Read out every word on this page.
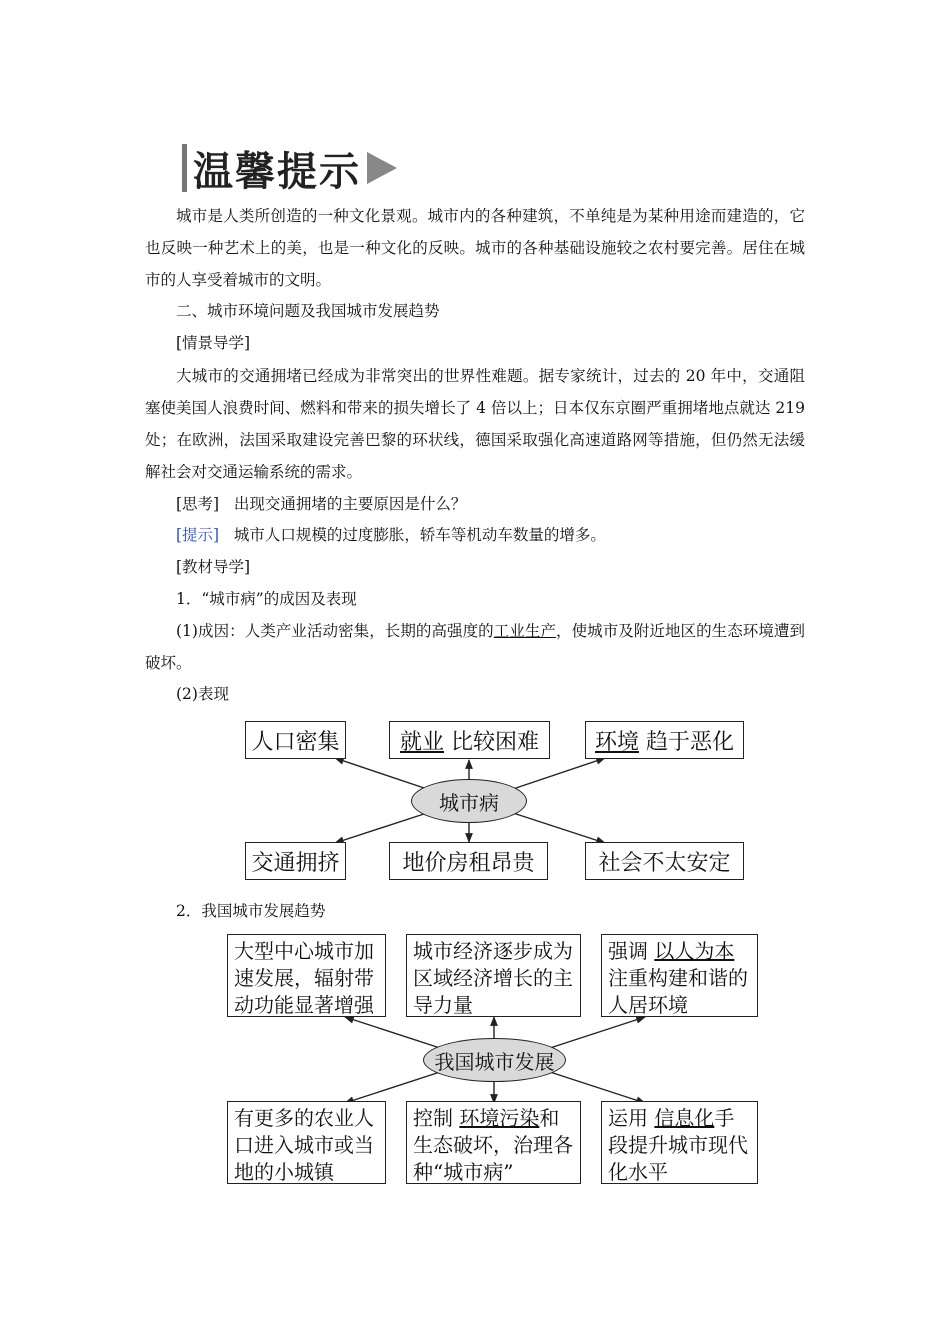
温馨提示
城市是人类所创造的一种文化景观。城市内的各种建筑，不单纯是为某种用途而建造的，它也反映一种艺术上的美，也是一种文化的反映。城市的各种基础设施较之农村要完善。居住在城市的人享受着城市的文明。
二、城市环境问题及我国城市发展趋势
[情景导学]
大城市的交通拥堵已经成为非常突出的世界性难题。据专家统计，过去的 20 年中，交通阻塞使美国人浪费时间、燃料和带来的损失增长了 4 倍以上；日本仅东京圈严重拥堵地点就达 219 处；在欧洲，法国采取建设完善巴黎的环状线，德国采取强化高速道路网等措施，但仍然无法缓解社会对交通运输系统的需求。
[思考] 出现交通拥堵的主要原因是什么？
[提示] 城市人口规模的过度膨胀，轿车等机动车数量的增多。
[教材导学]
1．“城市病”的成因及表现
(1)成因：人类产业活动密集，长期的高强度的工业生产，使城市及附近地区的生态环境遭到破坏。
(2)表现
人口密集	就业
比较困难	环境
趋于恶化
城市病
交通拥挤	地价房租昂贵	社会不太安定
2．我国城市发展趋势
大型中心城市加速发展，辐射带动功能显著增强
城市经济逐步成为区域经济增长的主导力量
强调 以人为本注重构建和谐的人居环境
我国城市发展
有更多的农业人口进入城市或当地的小城镇
控制 环境污染和生态破坏，治理各种“城市病”
运用 信息化手段提升城市现代化水平
